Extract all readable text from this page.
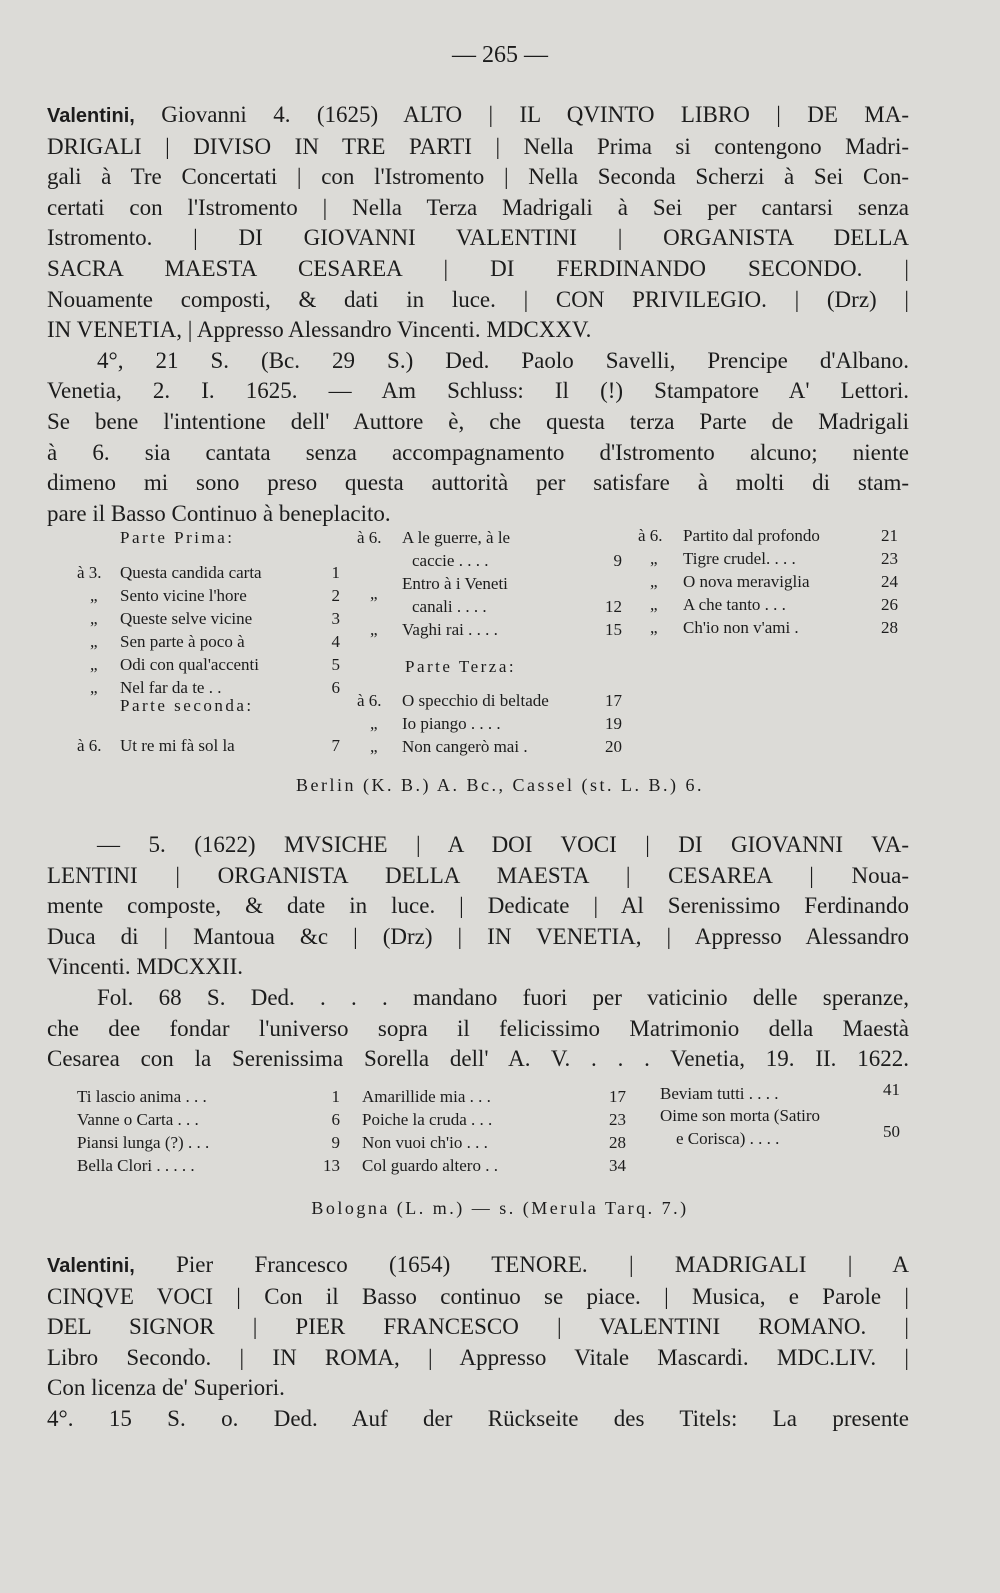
— 265 —

Valentini, Giovanni 4. (1625) ALTO | IL QVINTO LIBRO | DE MA-

DRIGALI | DIVISO IN TRE PARTI | Nella Prima si contengono Madri-

gali à Tre Concertati | con l'Istromento | Nella Seconda Scherzi à Sei Con-

certati con l'Istromento | Nella Terza Madrigali à Sei per cantarsi senza

Istromento. | DI GIOVANNI VALENTINI | ORGANISTA DELLA

SACRA MAESTA CESAREA | DI FERDINANDO SECONDO. |

Nouamente composti, & dati in luce. | CON PRIVILEGIO. | (Drz) |

IN VENETIA, | Appresso Alessandro Vincenti. MDCXXV.

4°, 21 S. (Bc. 29 S.) Ded. Paolo Savelli, Prencipe d'Albano.

Venetia, 2. I. 1625. — Am Schluss: Il (!) Stampatore A' Lettori.

Se bene l'intentione dell' Auttore è, che questa terza Parte de Madrigali

à 6. sia cantata senza accompagnamento d'Istromento alcuno; niente

dimeno mi sono preso questa auttorità per satisfare à molti di stam-

pare il Basso Continuo à beneplacito.

Parte Prima:
Parte seconda:
Parte Terza:
à 3. Questa candida carta	1
„ Sento vicine l'hore	2
„ Queste selve vicine	3
„ Sen parte à poco à	4
„ Odi con qual'accenti	5
„ Nel far da te . .	6
à 6. Ut re mi fà sol la	7
à 6. A le guerre, à le
caccie . . . .	9
„
Entro à i Veneti
canali . . . .	12
„ Vaghi rai . . . .	15
à 6. O specchio di beltade	17
„ Io piango . . . .	19
„ Non cangerò mai .	20
à 6. Partito dal profondo	21
„ Tigre crudel. . . .	23
„ O nova meraviglia	24
„ A che tanto . . .	26
„ Ch'io non v'ami .	28
Berlin (K. B.) A. Bc., Cassel (st. L. B.) 6.

— 5. (1622) MVSICHE | A DOI VOCI | DI GIOVANNI VA-

LENTINI | ORGANISTA DELLA MAESTA | CESAREA | Noua-

mente composte, & date in luce. | Dedicate | Al Serenissimo Ferdinando

Duca di | Mantoua &c | (Drz) | IN VENETIA, | Appresso Alessandro

Vincenti. MDCXXII.

Fol. 68 S. Ded. . . . mandano fuori per vaticinio delle speranze,

che dee fondar l'universo sopra il felicissimo Matrimonio della Maestà

Cesarea con la Serenissima Sorella dell' A. V. . . . Venetia, 19. II. 1622.

Ti lascio anima . . .	1
Vanne o Carta . . .	6
Piansi lunga (?) . . .	9
Bella Clori . . . . .	13
Amarillide mia . . .	17
Poiche la cruda . . .	23
Non vuoi ch'io . . .	28
Col guardo altero . .	34
Beviam tutti . . . .	41
Oime son morta (Satiro
e Corisca) . . . .	50
Bologna (L. m.) — s. (Merula Tarq. 7.)

Valentini, Pier Francesco (1654) TENORE. | MADRIGALI | A

CINQVE VOCI | Con il Basso continuo se piace. | Musica, e Parole |

DEL SIGNOR | PIER FRANCESCO | VALENTINI ROMANO. |

Libro Secondo. | IN ROMA, | Appresso Vitale Mascardi. MDC.LIV. |

Con licenza de' Superiori.

4°. 15 S. o. Ded. Auf der Rückseite des Titels: La presente
